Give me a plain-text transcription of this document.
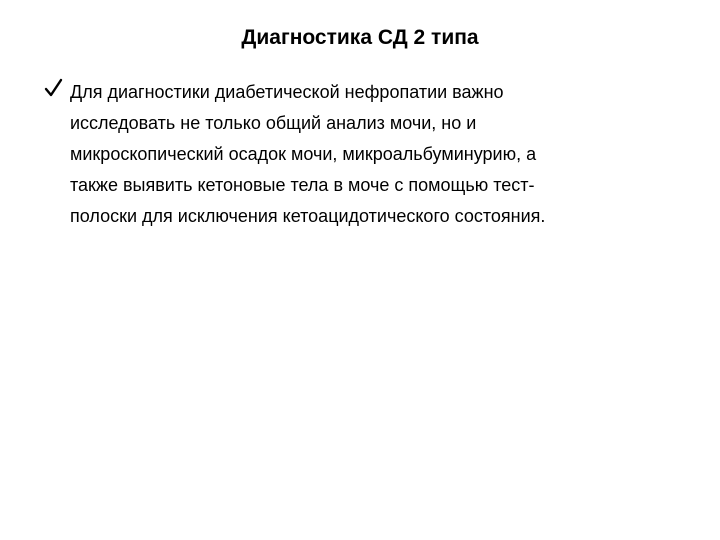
Диагностика СД 2 типа

Для диагностики диабетической нефропатии важно
исследовать не только общий анализ мочи, но и
микроскопический осадок мочи, микроальбуминурию, а
также выявить кетоновые тела в моче с помощью тест-
полоски для исключения кетоацидотического состояния.
